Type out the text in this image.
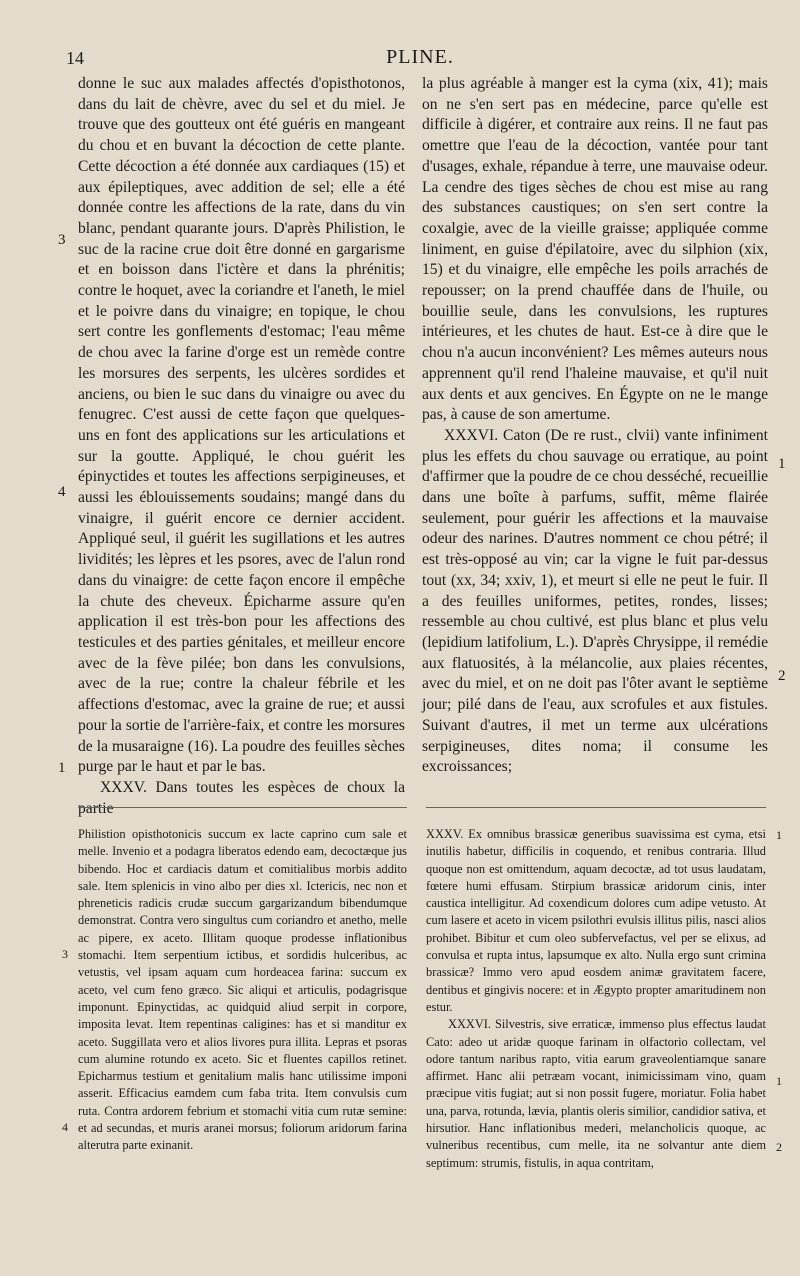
14	PLINE.

donne le suc aux malades affectés d'opisthotonos, dans du lait de chèvre, avec du sel et du miel. Je trouve que des goutteux ont été guéris en mangeant du chou et en buvant la décoction de cette plante. Cette décoction a été donnée aux cardiaques (15) et aux épileptiques, avec addition de sel; elle a été donnée contre les affections de la rate, dans du vin blanc, pendant quarante jours. D'après Philistion, le suc de la racine crue doit être donné en gargarisme et en boisson dans l'ictère et dans la phrénitis; contre le hoquet, avec la coriandre et l'aneth, le miel et le poivre dans du vinaigre; en topique, le chou sert contre les gonflements d'estomac; l'eau même de chou avec la farine d'orge est un remède contre les morsures des serpents, les ulcères sordides et anciens, ou bien le suc dans du vinaigre ou avec du fenugrec. C'est aussi de cette façon que quelques-uns en font des applications sur les articulations et sur la goutte. Appliqué, le chou guérit les épinyctides et toutes les affections serpigineuses, et aussi les éblouissements soudains; mangé dans du vinaigre, il guérit encore ce dernier accident. Appliqué seul, il guérit les sugillations et les autres lividités; les lèpres et les psores, avec de l'alun rond dans du vinaigre: de cette façon encore il empêche la chute des cheveux. Épicharme assure qu'en application il est très-bon pour les affections des testicules et des parties génitales, et meilleur encore avec de la fève pilée; bon dans les convulsions, avec de la rue; contre la chaleur fébrile et les affections d'estomac, avec la graine de rue; et aussi pour la sortie de l'arrière-faix, et contre les morsures de la musaraigne (16). La poudre des feuilles sèches purge par le haut et par le bas.

XXXV. Dans toutes les espèces de choux la partie

la plus agréable à manger est la cyma (xix, 41); mais on ne s'en sert pas en médecine, parce qu'elle est difficile à digérer, et contraire aux reins. Il ne faut pas omettre que l'eau de la décoction, vantée pour tant d'usages, exhale, répandue à terre, une mauvaise odeur. La cendre des tiges sèches de chou est mise au rang des substances caustiques; on s'en sert contre la coxalgie, avec de la vieille graisse; appliquée comme liniment, en guise d'épilatoire, avec du silphion (xix, 15) et du vinaigre, elle empêche les poils arrachés de repousser; on la prend chauffée dans de l'huile, ou bouillie seule, dans les convulsions, les ruptures intérieures, et les chutes de haut. Est-ce à dire que le chou n'a aucun inconvénient? Les mêmes auteurs nous apprennent qu'il rend l'haleine mauvaise, et qu'il nuit aux dents et aux gencives. En Égypte on ne le mange pas, à cause de son amertume.

XXXVI. Caton (De re rust., clvii) vante infiniment plus les effets du chou sauvage ou erratique, au point d'affirmer que la poudre de ce chou desséché, recueillie dans une boîte à parfums, suffit, même flairée seulement, pour guérir les affections et la mauvaise odeur des narines. D'autres nomment ce chou pétré; il est très-opposé au vin; car la vigne le fuit par-dessus tout (xx, 34; xxiv, 1), et meurt si elle ne peut le fuir. Il a des feuilles uniformes, petites, rondes, lisses; ressemble au chou cultivé, est plus blanc et plus velu (lepidium latifolium, L.). D'après Chrysippe, il remédie aux flatuosités, à la mélancolie, aux plaies récentes, avec du miel, et on ne doit pas l'ôter avant le septième jour; pilé dans de l'eau, aux scrofules et aux fistules. Suivant d'autres, il met un terme aux ulcérations serpigineuses, dites noma; il consume les excroissances;

3
4
1
1
2

Philistion opisthotonicis succum ex lacte caprino cum sale et melle. Invenio et a podagra liberatos edendo eam, decoctæque jus bibendo. Hoc et cardiacis datum et comitialibus morbis addito sale. Item splenicis in vino albo per dies xl. Ictericis, nec non et phreneticis radicis crudæ succum gargarizandum bibendumque demonstrat. Contra vero singultus cum coriandro et anetho, melle ac pipere, ex aceto. Illitam quoque prodesse inflationibus stomachi. Item serpentium ictibus, et sordidis hulceribus, ac vetustis, vel ipsam aquam cum hordeacea farina: succum ex aceto, vel cum feno græco. Sic aliqui et articulis, podagrisque imponunt. Epinyctidas, ac quidquid aliud serpit in corpore, imposita levat. Item repentinas caligines: has et si manditur ex aceto. Suggillata vero et alios livores pura illita. Lepras et psoras cum alumine rotundo ex aceto. Sic et fluentes capillos retinet. Epicharmus testium et genitalium malis hanc utilissime imponi asserit. Efficacius eamdem cum faba trita. Item convulsis cum ruta. Contra ardorem febrium et stomachi vitia cum rutæ semine: et ad secundas, et muris aranei morsus; foliorum aridorum farina alterutra parte exinanit.

XXXV. Ex omnibus brassicæ generibus suavissima est cyma, etsi inutilis habetur, difficilis in coquendo, et renibus contraria. Illud quoque non est omittendum, aquam decoctæ, ad tot usus laudatam, fœtere humi effusam. Stirpium brassicæ aridorum cinis, inter caustica intelligitur. Ad coxendicum dolores cum adipe vetusto. At cum lasere et aceto in vicem psilothri evulsis illitus pilis, nasci alios prohibet. Bibitur et cum oleo subfervefactus, vel per se elixus, ad convulsa et rupta intus, lapsumque ex alto. Nulla ergo sunt crimina brassicæ? Immo vero apud eosdem animæ gravitatem facere, dentibus et gingivis nocere: et in Ægypto propter amaritudinem non estur.

XXXVI. Silvestris, sive erraticæ, immenso plus effectus laudat Cato: adeo ut aridæ quoque farinam in olfactorio collectam, vel odore tantum naribus rapto, vitia earum graveolentiamque sanare affirmet. Hanc alii petræam vocant, inimicissimam vino, quam præcipue vitis fugiat; aut si non possit fugere, moriatur. Folia habet una, parva, rotunda, lævia, plantis oleris similior, candidior sativa, et hirsutior. Hanc inflationibus mederi, melancholicis quoque, ac vulneribus recentibus, cum melle, ita ne solvantur ante diem septimum: strumis, fistulis, in aqua contritam,

3
4
1
1
2
